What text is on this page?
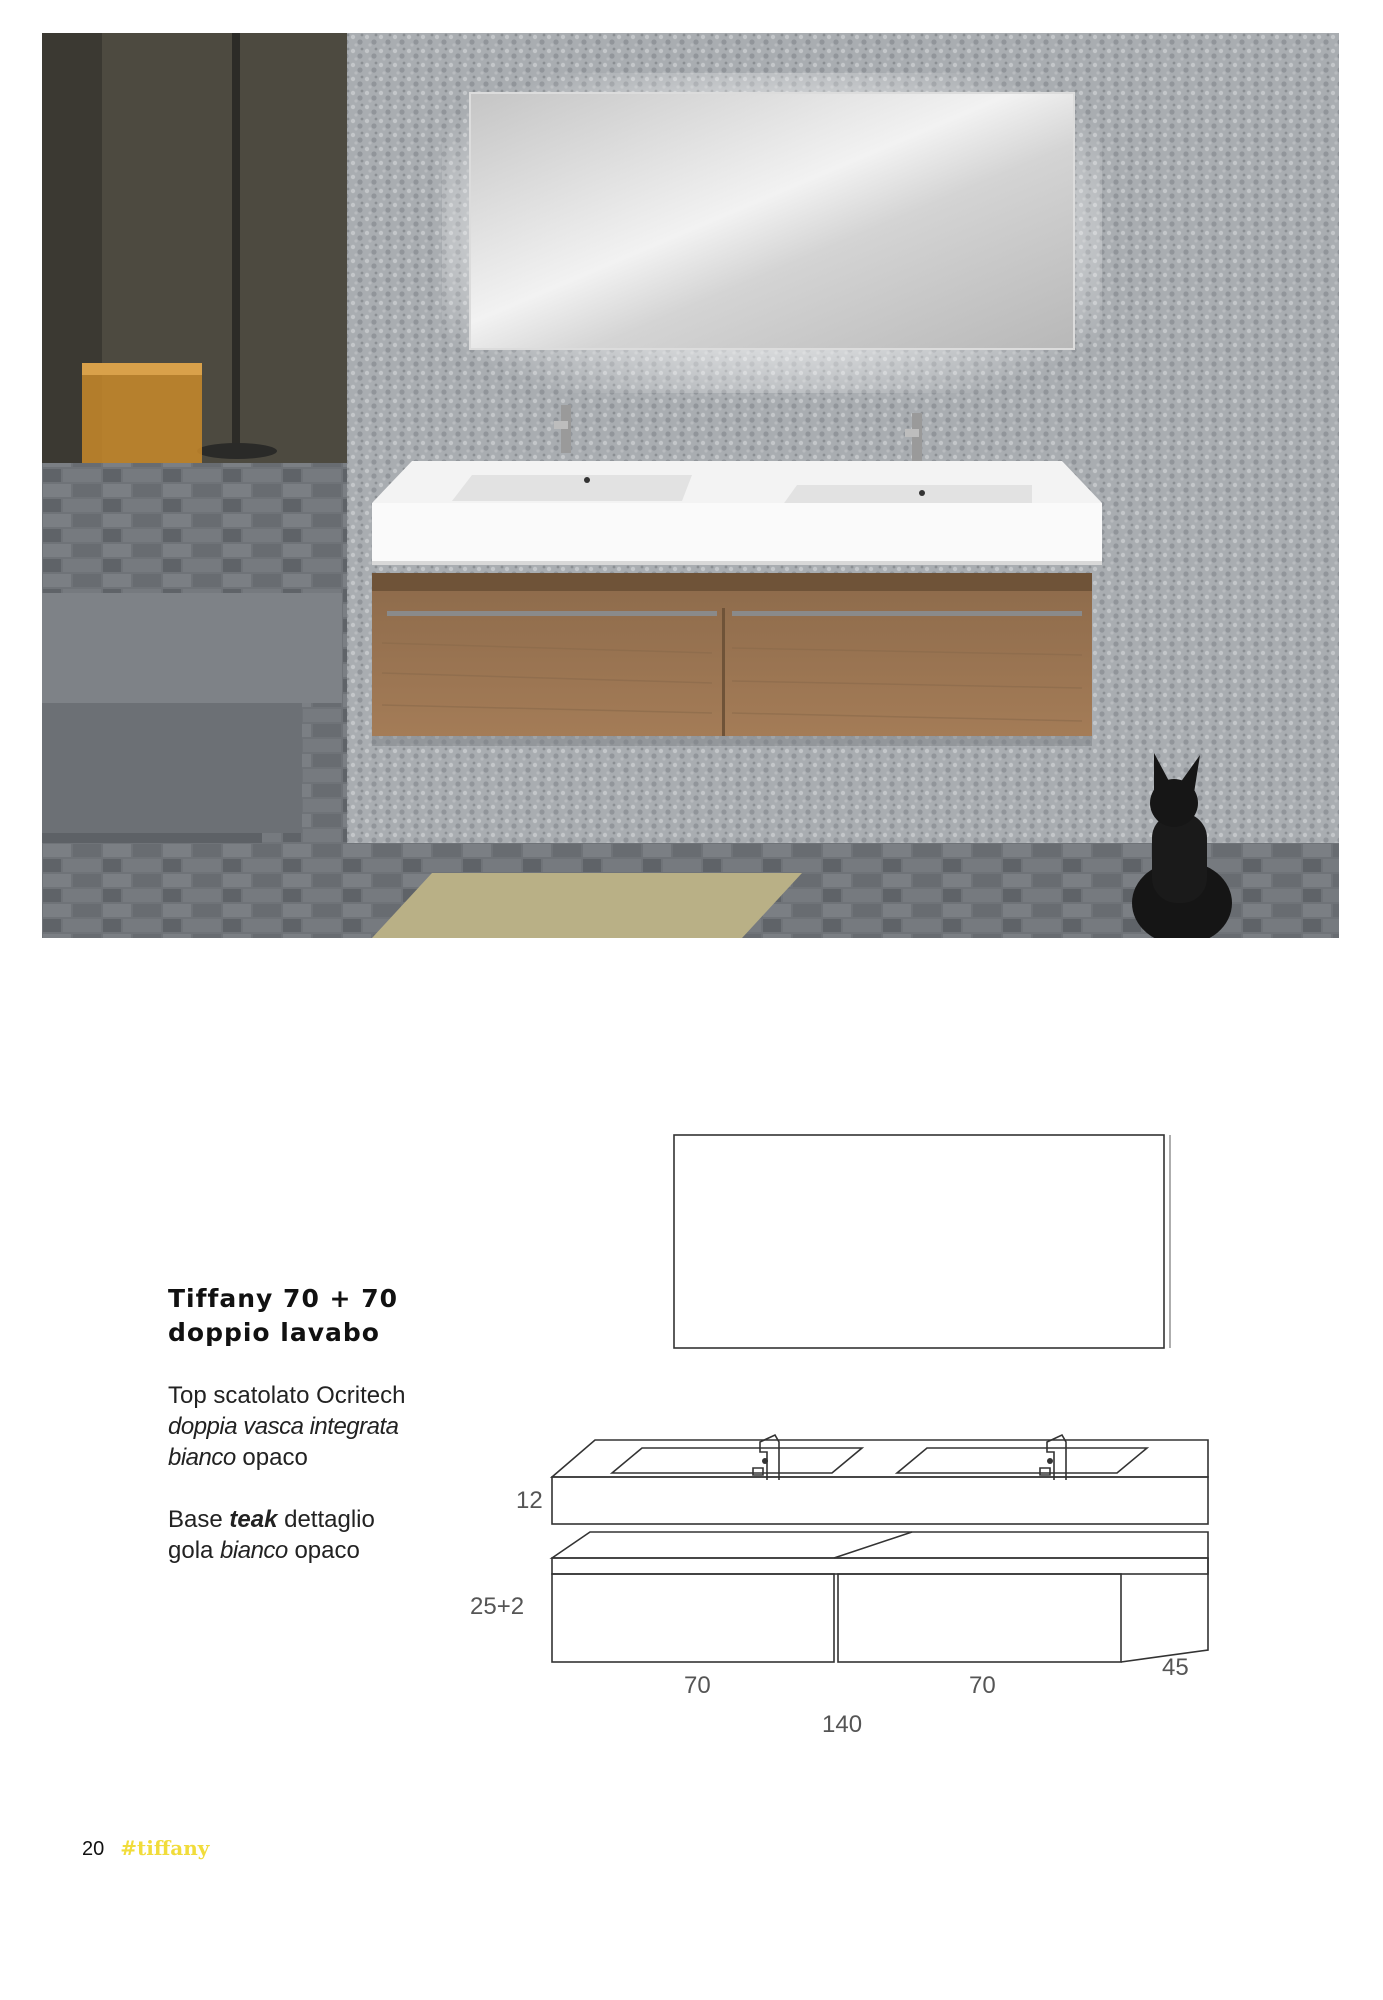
Tiffany 70 + 70
doppio lavabo

Top scatolato Ocritech
doppia vasca integrata
bianco opaco

Base teak dettaglio
gola bianco opaco

12
25+2
45
70	70
140
20 #tiffany
